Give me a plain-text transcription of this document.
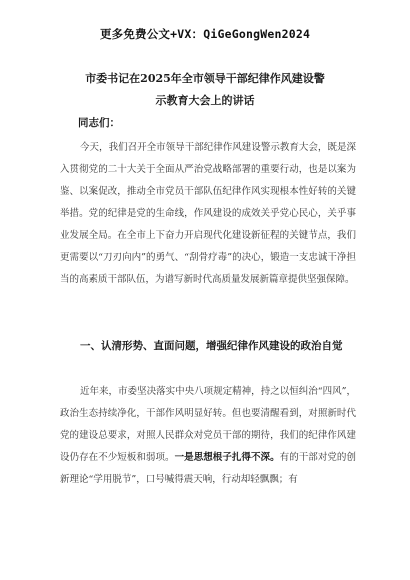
更多免费公文+VX：QiGeGongWen2024
市委书记在2025年全市领导干部纪律作风建设警示教育大会上的讲话
同志们：
今天，我们召开全市领导干部纪律作风建设警示教育大会，既是深入贯彻党的二十大关于全面从严治党战略部署的重要行动，也是以案为鉴、以案促改，推动全市党员干部队伍纪律作风实现根本性好转的关键举措。党的纪律是党的生命线，作风建设的成效关乎党心民心，关乎事业发展全局。在全市上下奋力开启现代化建设新征程的关键节点，我们更需要以“刀刃向内”的勇气、“刮骨疗毒”的决心，锻造一支忠诚干净担当的高素质干部队伍，为谱写新时代高质量发展新篇章提供坚强保障。
一、认清形势、直面问题，增强纪律作风建设的政治自觉
近年来，市委坚决落实中央八项规定精神，持之以恒纠治“四风”，政治生态持续净化，干部作风明显好转。但也要清醒看到，对照新时代党的建设总要求，对照人民群众对党员干部的期待，我们的纪律作风建设仍存在不少短板和弱项。一是思想根子扎得不深。有的干部对党的创新理论“学用脱节”，口号喊得震天响，行动却轻飘飘；有
